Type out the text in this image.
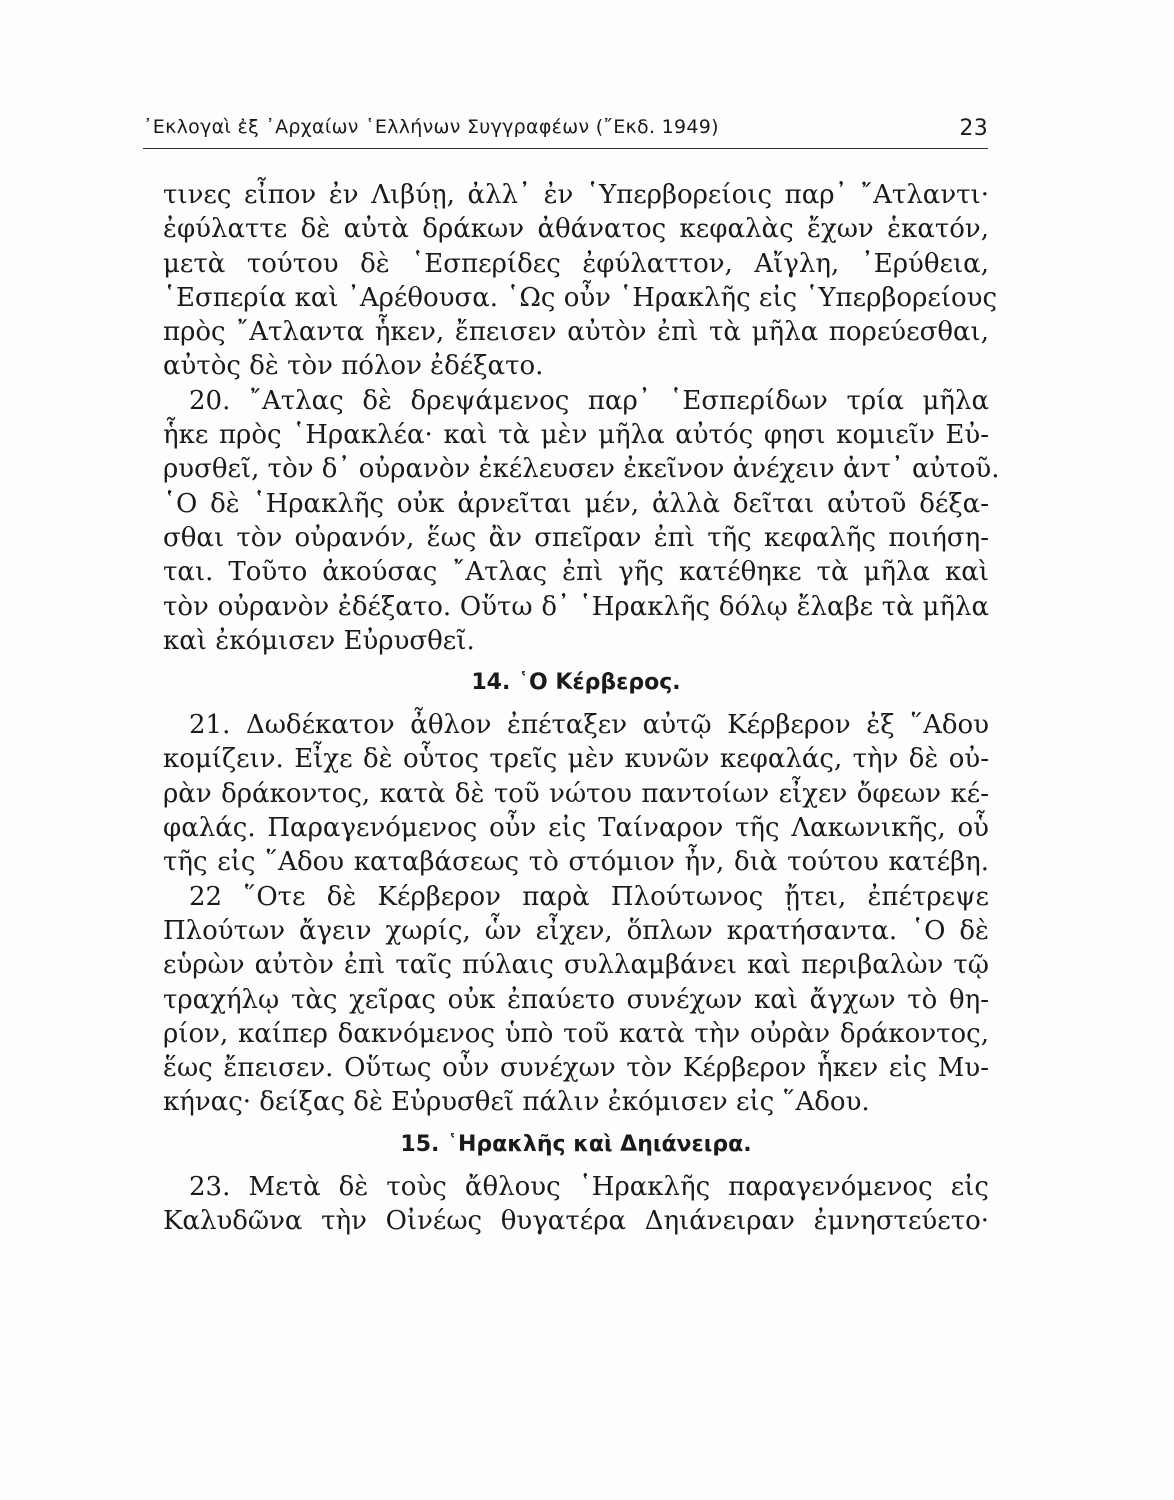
᾿Εκλογαὶ ἐξ ᾿Αρχαίων ῾Ελλήνων Συγγραφέων (῎Εκδ. 1949)	23

τινες εἶπον ἐν Λιβύῃ, ἀλλ᾿ ἐν ῾Υπερβορείοις παρ᾿ ῎Ατλαντι·
ἐφύλαττε δὲ αὐτὰ δράκων ἀθάνατος κεφαλὰς ἔχων ἑκατόν,
μετὰ τούτου δὲ ῾Εσπερίδες ἐφύλαττον, Αἴγλη, ᾿Ερύθεια,
῾Εσπερία καὶ ᾿Αρέθουσα. ῾Ως οὖν ῾Ηρακλῆς εἰς ῾Υπερβορείους
πρὸς ῎Ατλαντα ἧκεν, ἔπεισεν αὐτὸν ἐπὶ τὰ μῆλα πορεύεσθαι,
αὐτὸς δὲ τὸν πόλον ἐδέξατο.

20. ῎Ατλας δὲ δρεψάμενος παρ᾿ ῾Εσπερίδων τρία μῆλα
ἧκε πρὸς ῾Ηρακλέα· καὶ τὰ μὲν μῆλα αὐτός φησι κομιεῖν Εὐ-
ρυσθεῖ, τὸν δ᾿ οὐρανὸν ἐκέλευσεν ἐκεῖνον ἀνέχειν ἀντ᾿ αὐτοῦ.
῾Ο δὲ ῾Ηρακλῆς οὐκ ἀρνεῖται μέν, ἀλλὰ δεῖται αὐτοῦ δέξα-
σθαι τὸν οὐρανόν, ἕως ἂν σπεῖραν ἐπὶ τῆς κεφαλῆς ποιήση-
ται. Τοῦτο ἀκούσας ῎Ατλας ἐπὶ γῆς κατέθηκε τὰ μῆλα καὶ
τὸν οὐρανὸν ἐδέξατο. Οὕτω δ᾿ ῾Ηρακλῆς δόλῳ ἔλαβε τὰ μῆλα
καὶ ἐκόμισεν Εὐρυσθεῖ.

14. ῾Ο Κέρβερος.

21. Δωδέκατον ἆθλον ἐπέταξεν αὐτῷ Κέρβερον ἐξ ῞Αδου
κομίζειν. Εἶχε δὲ οὗτος τρεῖς μὲν κυνῶν κεφαλάς, τὴν δὲ οὐ-
ρὰν δράκοντος, κατὰ δὲ τοῦ νώτου παντοίων εἶχεν ὄφεων κέ-
φαλάς. Παραγενόμενος οὖν εἰς Ταίναρον τῆς Λακωνικῆς, οὗ
τῆς εἰς ῞Αδου καταβάσεως τὸ στόμιον ἦν, διὰ τούτου κατέβη.

22 ῞Οτε δὲ Κέρβερον παρὰ Πλούτωνος ᾔτει, ἐπέτρεψε
Πλούτων ἄγειν χωρίς, ὧν εἶχεν, ὅπλων κρατήσαντα. ῾Ο δὲ
εὑρὼν αὐτὸν ἐπὶ ταῖς πύλαις συλλαμβάνει καὶ περιβαλὼν τῷ
τραχήλῳ τὰς χεῖρας οὐκ ἐπαύετο συνέχων καὶ ἄγχων τὸ θη-
ρίον, καίπερ δακνόμενος ὑπὸ τοῦ κατὰ τὴν οὐρὰν δράκοντος,
ἕως ἔπεισεν. Οὕτως οὖν συνέχων τὸν Κέρβερον ἧκεν εἰς Μυ-
κήνας· δείξας δὲ Εὐρυσθεῖ πάλιν ἐκόμισεν εἰς ῞Αδου.

15. ῾Ηρακλῆς καὶ Δηιάνειρα.

23. Μετὰ δὲ τοὺς ἄθλους ῾Ηρακλῆς παραγενόμενος εἰς
Καλυδῶνα τὴν Οἰνέως θυγατέρα Δηιάνειραν ἐμνηστεύετο·
